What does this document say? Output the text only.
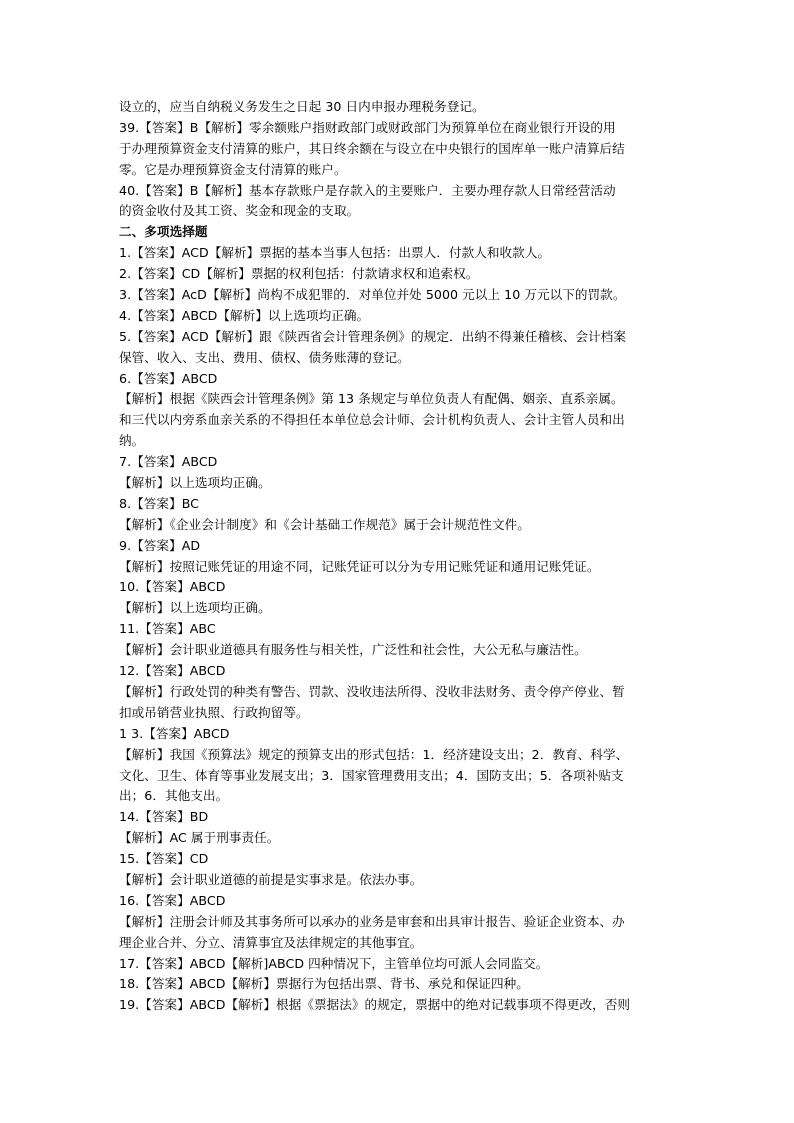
设立的，应当自纳税义务发生之日起 30 日内申报办理税务登记。
39.【答案】B【解析】零余额账户指财政部门或财政部门为预算单位在商业银行开设的用
于办理预算资金支付清算的账户，其日终余额在与设立在中央银行的国库单一账户清算后结
零。它是办理预算资金支付清算的账户。
40.【答案】B【解析】基本存款账户是存款入的主要账户．主要办理存款人日常经营活动
的资金收付及其工资、奖金和现金的支取。
二、多项选择题
1.【答案】ACD【解析】票据的基本当事人包括：出票人．付款人和收款人。
2.【答案】CD【解析】票据的权利包括：付款请求权和追索权。
3.【答案】AcD【解析】尚构不成犯罪的．对单位并处 5000 元以上 10 万元以下的罚款。
4.【答案】ABCD【解析】以上选项均正确。
5.【答案】ACD【解析】跟《陕西省会计管理条例》的规定．出纳不得兼任稽核、会计档案
保管、收入、支出、费用、债权、债务账薄的登记。
6.【答案】ABCD
【解析】根据《陕西会计管理条例》第 13 条规定与单位负责人有配偶、姻亲、直系亲属。
和三代以内旁系血亲关系的不得担任本单位总会计师、会计机构负责人、会计主管人员和出
纳。
7.【答案】ABCD
【解析】以上选项均正确。
8.【答案】BC
【解析】《企业会计制度》和《会计基础工作规范》属于会计规范性文件。
9.【答案】AD
【解析】按照记账凭证的用途不同，记账凭证可以分为专用记账凭证和通用记账凭证。
10.【答案】ABCD
【解析】以上选项均正确。
11.【答案】ABC
【解析】会计职业道德具有服务性与相关性，广泛性和社会性，大公无私与廉洁性。
12.【答案】ABCD
【解析】行政处罚的种类有警告、罚款、没收违法所得、没收非法财务、责令停产停业、暂
扣或吊销营业执照、行政拘留等。
1 3.【答案】ABCD
【解析】我国《预算法》规定的预算支出的形式包括：1．经济建设支出；2．教育、科学、
文化、卫生、体育等事业发展支出；3．国家管理费用支出；4．国防支出；5．各项补贴支
出；6．其他支出。
14.【答案】BD
【解析】AC 属于刑事责任。
15.【答案】CD
【解析】会计职业道德的前提是实事求是。依法办事。
16.【答案】ABCD
【解析】注册会计师及其事务所可以承办的业务是审套和出具审计报告、验证企业资本、办
理企业合并、分立、清算事宜及法律规定的其他事宜。
17.【答案】ABCD【解析]ABCD 四种情况下，主管单位均可派人会同监交。
18.【答案】ABCD【解析】票据行为包括出票、背书、承兑和保证四种。
19.【答案】ABCD【解析】根据《票据法》的规定，票据中的绝对记载事项不得更改，否则
